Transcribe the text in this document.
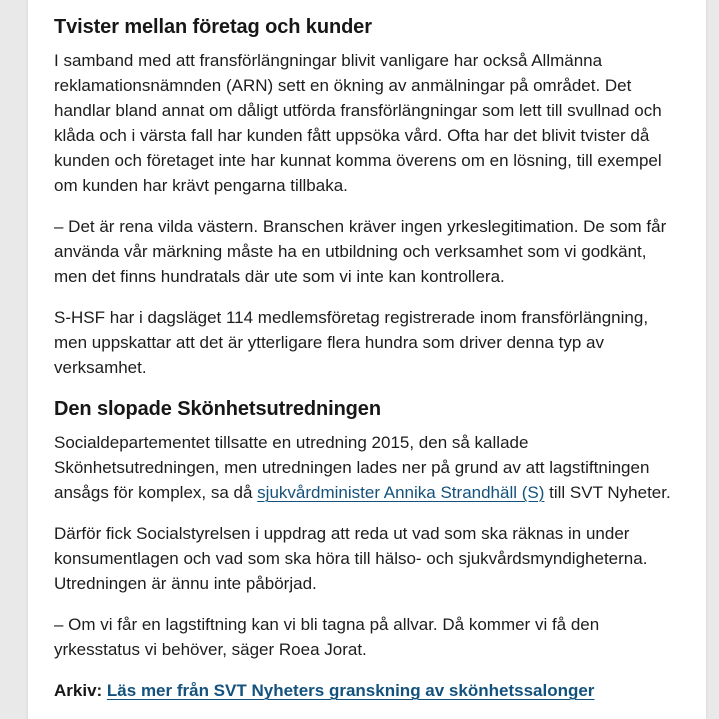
Tvister mellan företag och kunder

I samband med att fransförlängningar blivit vanligare har också Allmänna reklamationsnämnden (ARN) sett en ökning av anmälningar på området. Det handlar bland annat om dåligt utförda fransförlängningar som lett till svullnad och klåda och i värsta fall har kunden fått uppsöka vård. Ofta har det blivit tvister då kunden och företaget inte har kunnat komma överens om en lösning, till exempel om kunden har krävt pengarna tillbaka.

– Det är rena vilda västern. Branschen kräver ingen yrkeslegitimation. De som får använda vår märkning måste ha en utbildning och verksamhet som vi godkänt, men det finns hundratals där ute som vi inte kan kontrollera.

S-HSF har i dagsläget 114 medlemsföretag registrerade inom fransförlängning, men uppskattar att det är ytterligare flera hundra som driver denna typ av verksamhet.

Den slopade Skönhetsutredningen

Socialdepartementet tillsatte en utredning 2015, den så kallade Skönhetsutredningen, men utredningen lades ner på grund av att lagstiftningen ansågs för komplex, sa då sjukvårdminister Annika Strandhäll (S) till SVT Nyheter.

Därför fick Socialstyrelsen i uppdrag att reda ut vad som ska räknas in under konsumentlagen och vad som ska höra till hälso- och sjukvårdsmyndigheterna. Utredningen är ännu inte påbörjad.

– Om vi får en lagstiftning kan vi bli tagna på allvar. Då kommer vi få den yrkesstatus vi behöver, säger Roea Jorat.

Arkiv: Läs mer från SVT Nyheters granskning av skönhetssalonger
